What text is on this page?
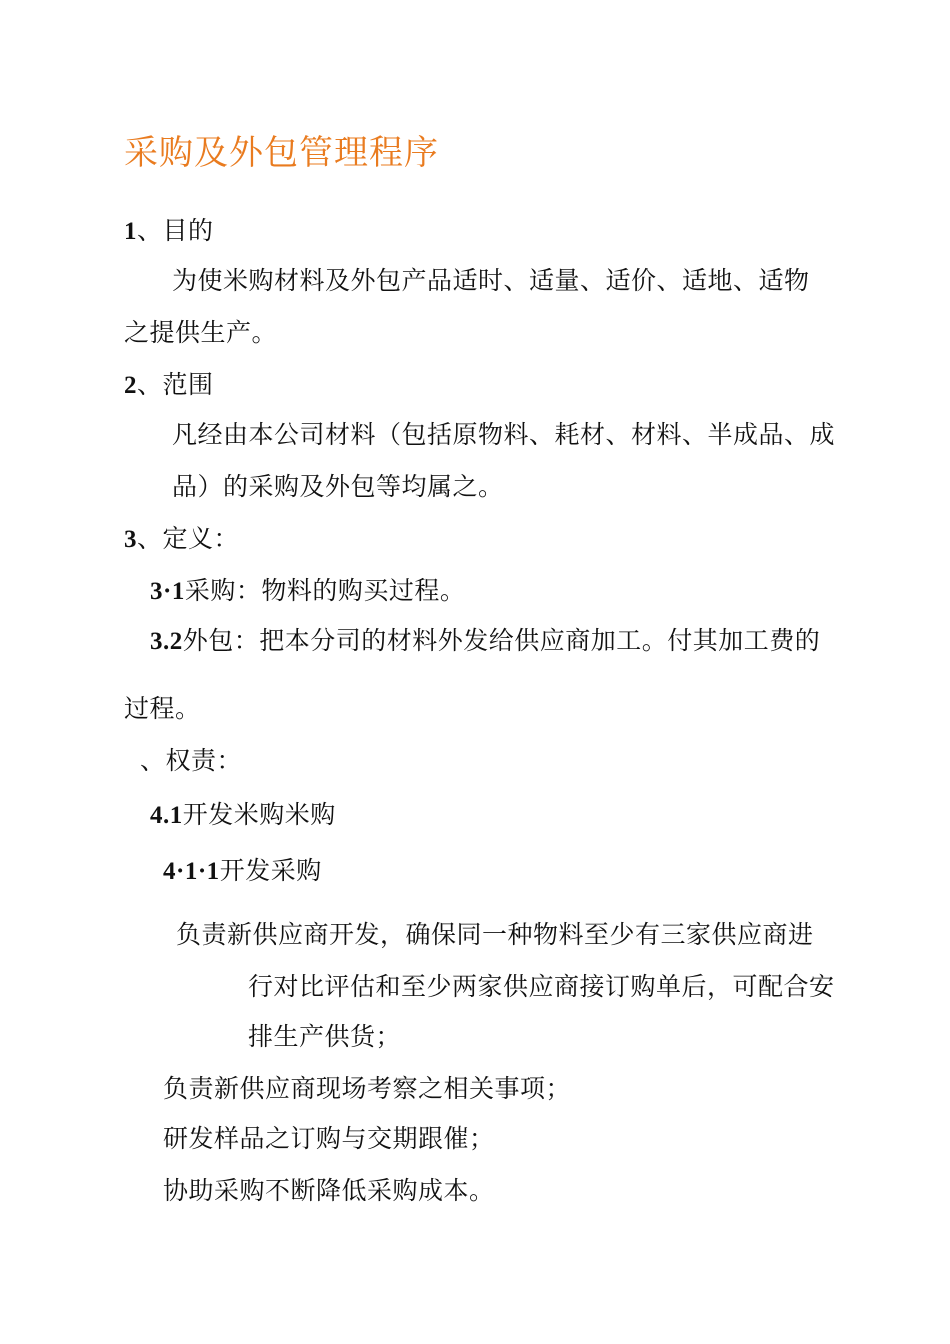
采购及外包管理程序
1、目的
为使米购材料及外包产品适时、适量、适价、适地、适物
之提供生产。
2、范围
凡经由本公司材料（包括原物料、耗材、材料、半成品、成
品）的采购及外包等均属之。
3、定义：
3·1采购：物料的购买过程。
3.2外包：把本分司的材料外发给供应商加工。付其加工费的
过程。
、权责：
4.1开发米购米购
4·1·1开发采购
负责新供应商开发，确保同一种物料至少有三家供应商进
行对比评估和至少两家供应商接订购单后，可配合安
排生产供货；
负责新供应商现场考察之相关事项；
研发样品之订购与交期跟催；
协助采购不断降低采购成本。
